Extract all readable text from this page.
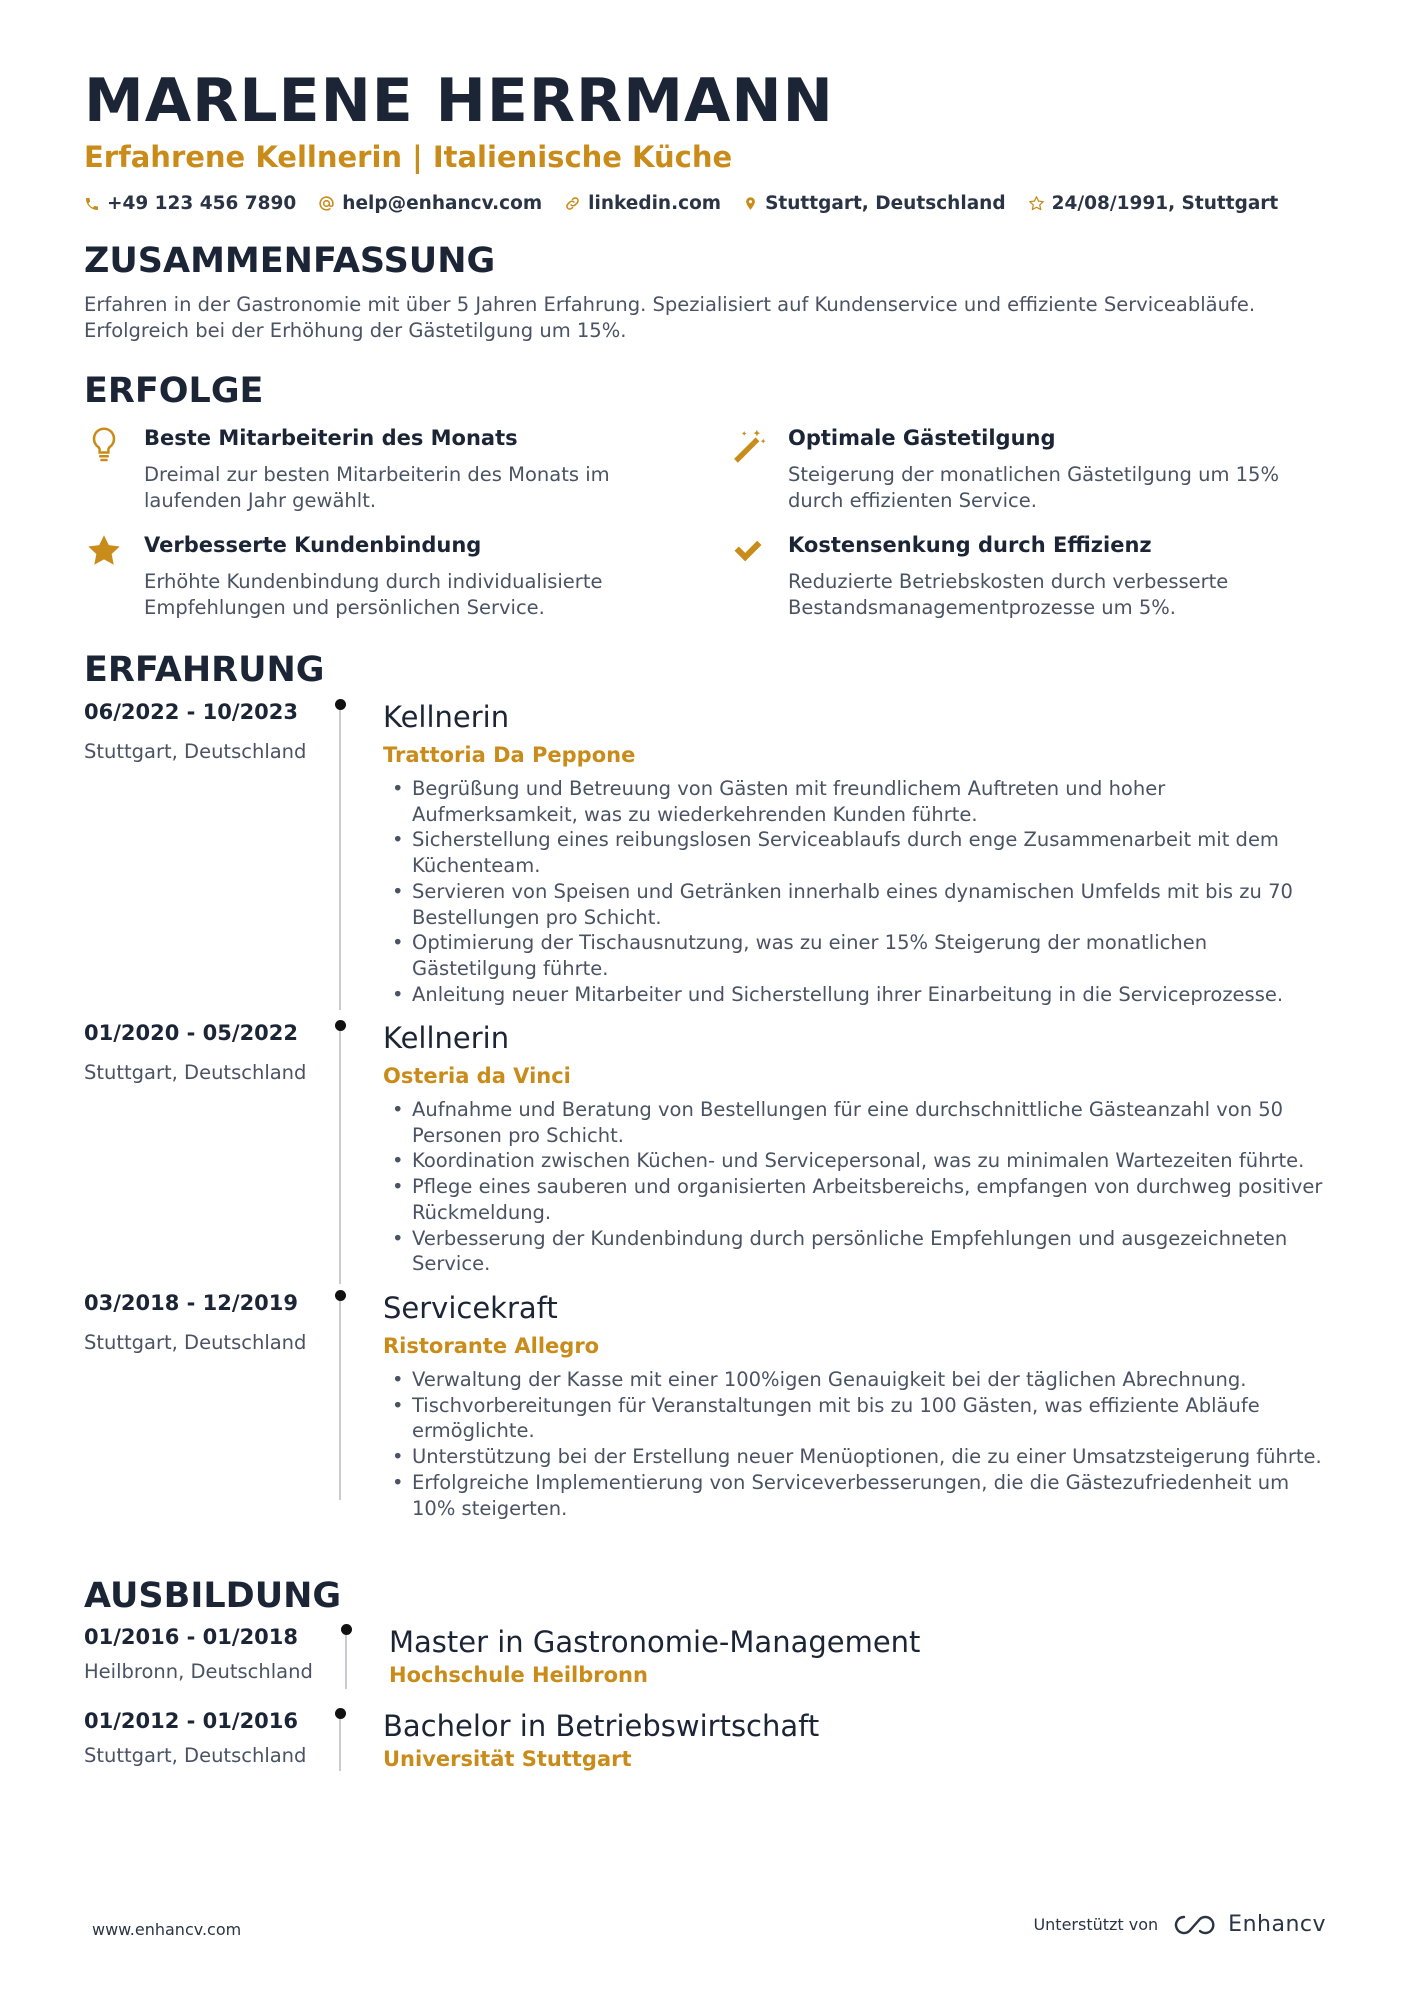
MARLENE HERRMANN
Erfahrene Kellnerin | Italienische Küche
+49 123 456 7890 help@enhancv.com linkedin.com Stuttgart, Deutschland 24/08/1991, Stuttgart
ZUSAMMENFASSUNG
Erfahren in der Gastronomie mit über 5 Jahren Erfahrung. Spezialisiert auf Kundenservice und effiziente Serviceabläufe. Erfolgreich bei der Erhöhung der Gästetilgung um 15%.
ERFOLGE
Beste Mitarbeiterin des Monats
Dreimal zur besten Mitarbeiterin des Monats im laufenden Jahr gewählt.
Optimale Gästetilgung
Steigerung der monatlichen Gästetilgung um 15% durch effizienten Service.
Verbesserte Kundenbindung
Erhöhte Kundenbindung durch individualisierte Empfehlungen und persönlichen Service.
Kostensenkung durch Effizienz
Reduzierte Betriebskosten durch verbesserte Bestandsmanagementprozesse um 5%.
ERFAHRUNG
06/2022 - 10/2023
Stuttgart, Deutschland
Kellnerin
Trattoria Da Peppone
• Begrüßung und Betreuung von Gästen mit freundlichem Auftreten und hoher Aufmerksamkeit, was zu wiederkehrenden Kunden führte.
• Sicherstellung eines reibungslosen Serviceablaufs durch enge Zusammenarbeit mit dem Küchenteam.
• Servieren von Speisen und Getränken innerhalb eines dynamischen Umfelds mit bis zu 70 Bestellungen pro Schicht.
• Optimierung der Tischausnutzung, was zu einer 15% Steigerung der monatlichen Gästetilgung führte.
• Anleitung neuer Mitarbeiter und Sicherstellung ihrer Einarbeitung in die Serviceprozesse.
01/2020 - 05/2022
Stuttgart, Deutschland
Kellnerin
Osteria da Vinci
• Aufnahme und Beratung von Bestellungen für eine durchschnittliche Gästeanzahl von 50 Personen pro Schicht.
• Koordination zwischen Küchen- und Servicepersonal, was zu minimalen Wartezeiten führte.
• Pflege eines sauberen und organisierten Arbeitsbereichs, empfangen von durchweg positiver Rückmeldung.
• Verbesserung der Kundenbindung durch persönliche Empfehlungen und ausgezeichneten Service.
03/2018 - 12/2019
Stuttgart, Deutschland
Servicekraft
Ristorante Allegro
• Verwaltung der Kasse mit einer 100%igen Genauigkeit bei der täglichen Abrechnung.
• Tischvorbereitungen für Veranstaltungen mit bis zu 100 Gästen, was effiziente Abläufe ermöglichte.
• Unterstützung bei der Erstellung neuer Menüoptionen, die zu einer Umsatzsteigerung führte.
• Erfolgreiche Implementierung von Serviceverbesserungen, die die Gästezufriedenheit um 10% steigerten.
AUSBILDUNG
01/2016 - 01/2018
Heilbronn, Deutschland
Master in Gastronomie-Management
Hochschule Heilbronn
01/2012 - 01/2016
Stuttgart, Deutschland
Bachelor in Betriebswirtschaft
Universität Stuttgart
www.enhancv.com	Unterstützt von	Enhancv
